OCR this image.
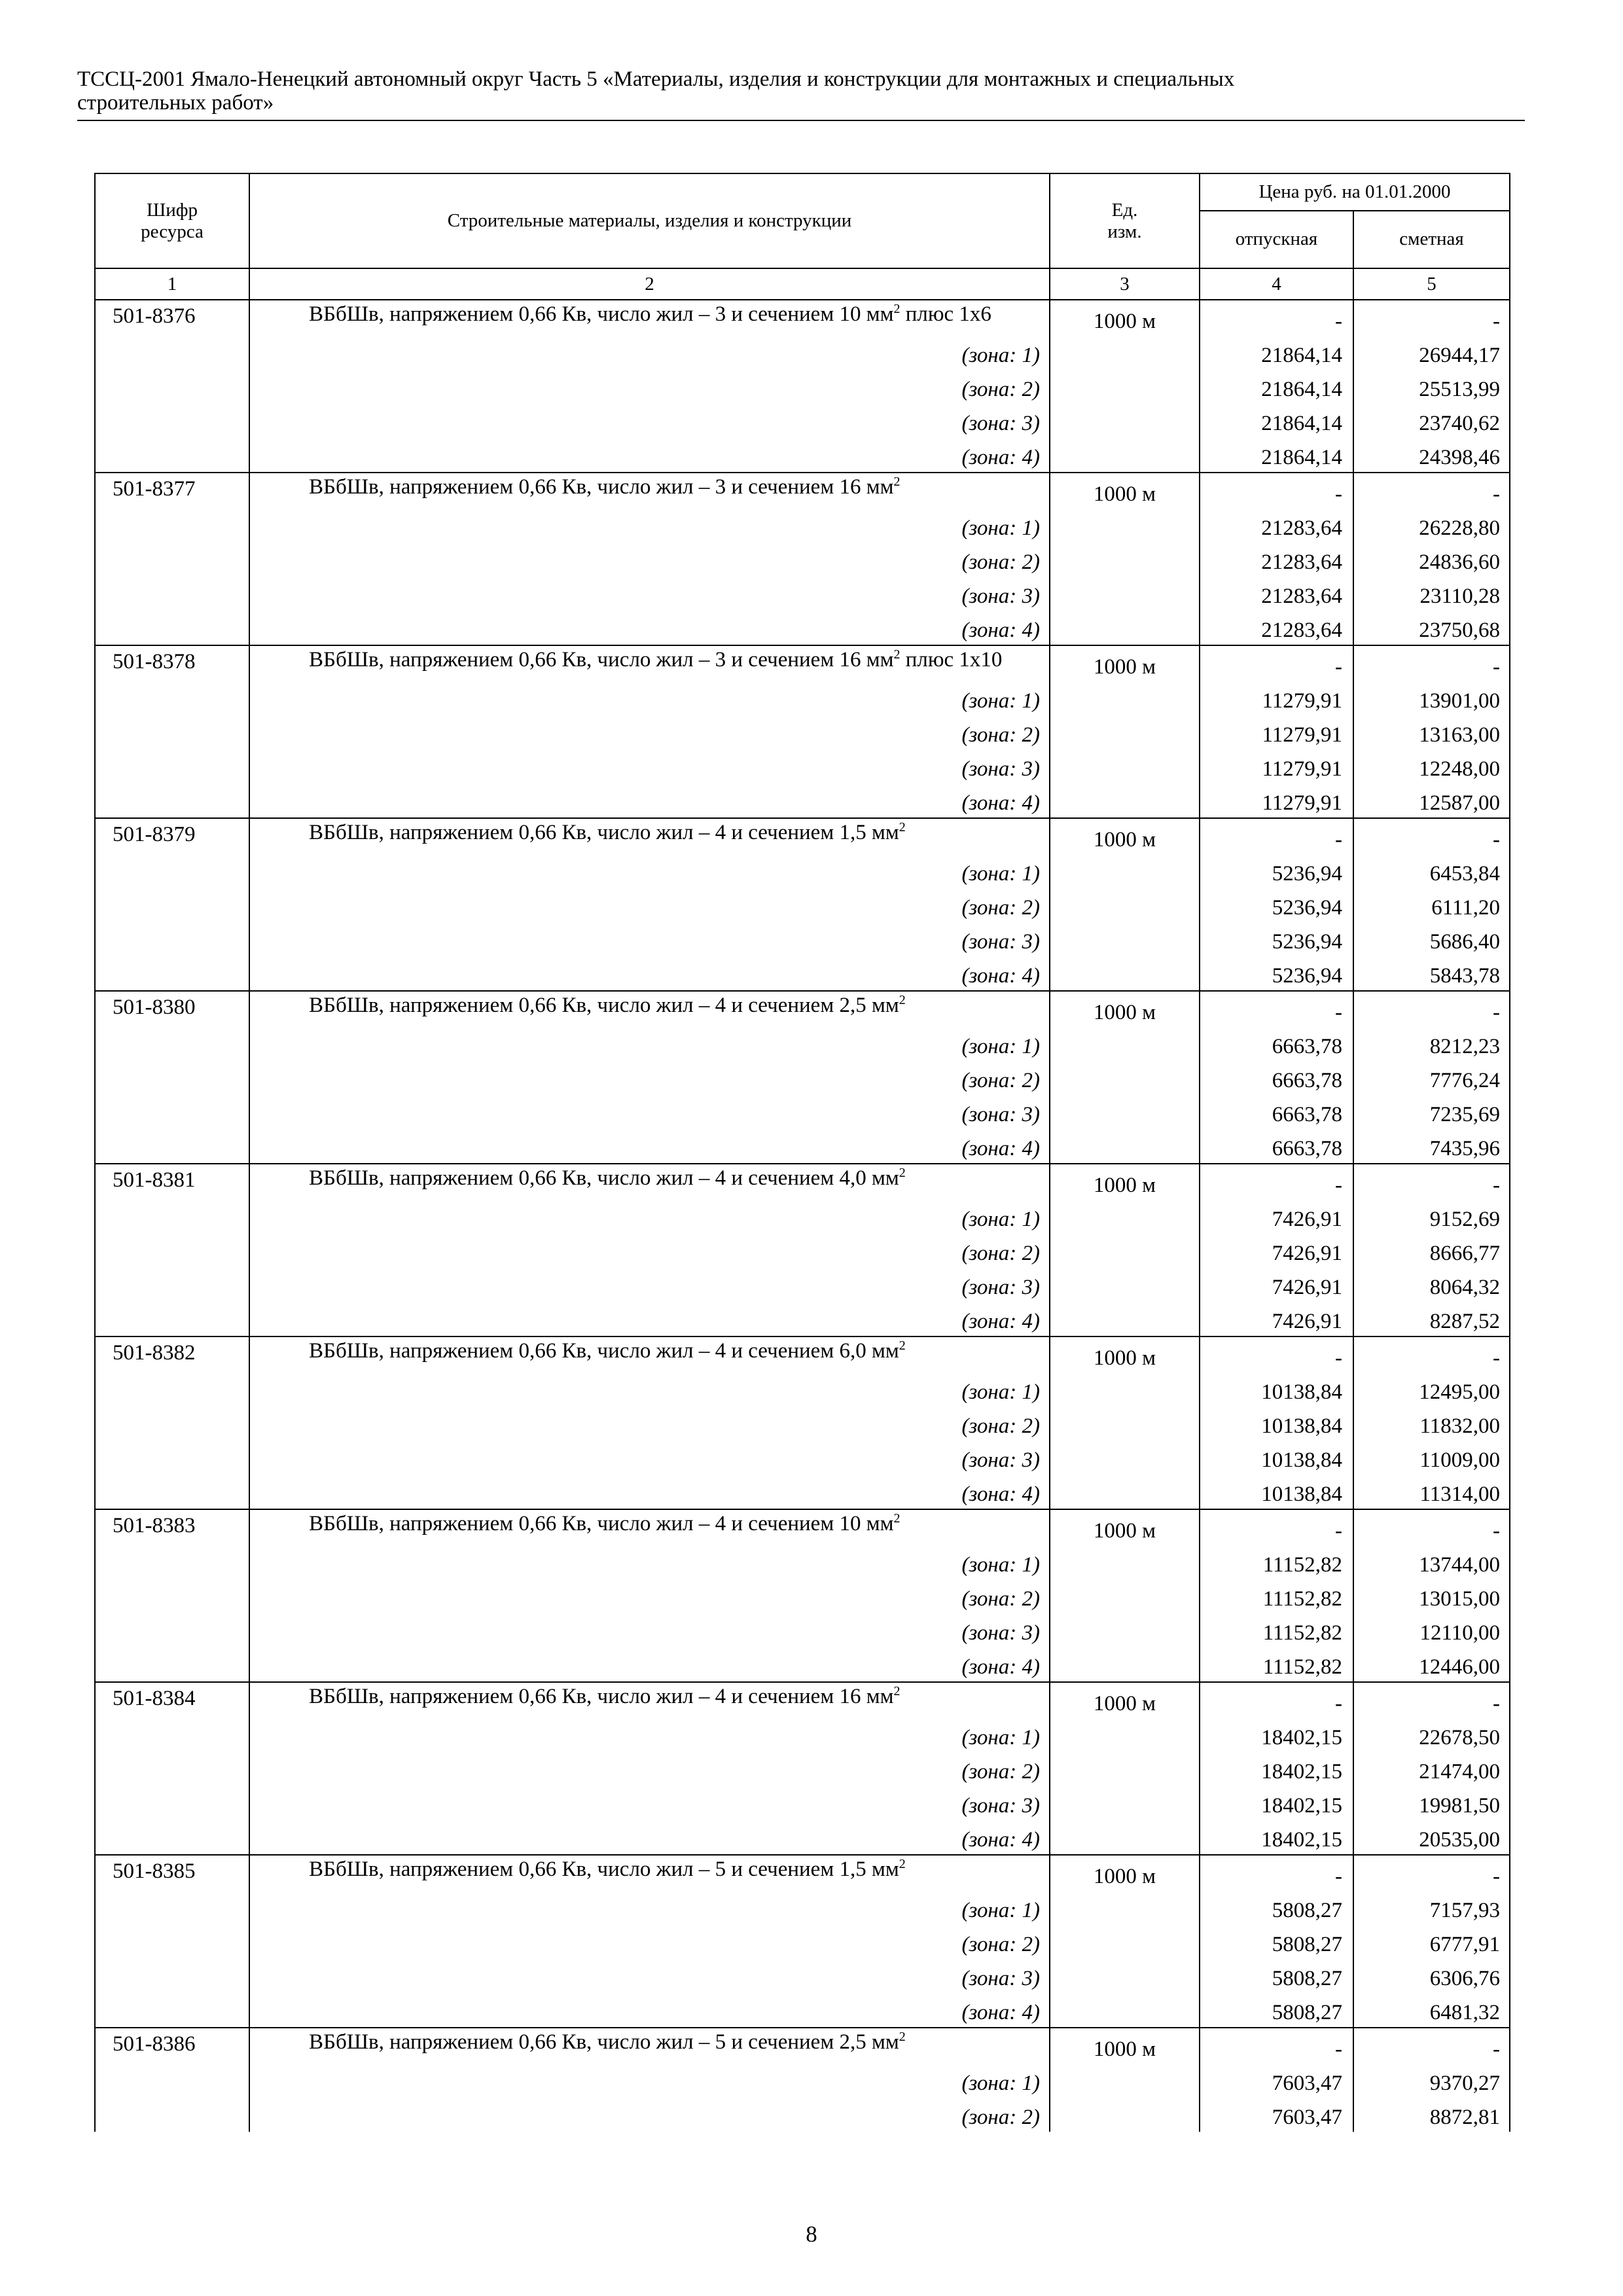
ТССЦ-2001 Ямало-Ненецкий автономный округ Часть 5 «Материалы, изделия и конструкции для монтажных и специальных
строительных работ»
Шифр ресурса	Строительные материалы, изделия и конструкции	Ед. изм.	Цена руб. на 01.01.2000	
			отпускная	сметная
1	2	3	4	5
501-8376	ВБбШв, напряжением 0,66 Кв, число жил – 3 и сечением 10 $мм^2$ плюс 1х6	1000 м	-	-

	(зона: 1)		21864,14	26944,17

	(зона: 2)		21864,14	25513,99

	(зона: 3)		21864,14	23740,62

	(зона: 4)		21864,14	24398,46
501-8377	ВБбШв, напряжением 0,66 Кв, число жил – 3 и сечением 16 $мм^2$	1000 м	-	-

	(зона: 1)		21283,64	26228,80

	(зона: 2)		21283,64	24836,60

	(зона: 3)		21283,64	23110,28

	(зона: 4)		21283,64	23750,68
501-8378	ВБбШв, напряжением 0,66 Кв, число жил – 3 и сечением 16 $мм^2$ плюс 1х10	1000 м	-	-

	(зона: 1)		11279,91	13901,00

	(зона: 2)		11279,91	13163,00

	(зона: 3)		11279,91	12248,00

	(зона: 4)		11279,91	12587,00
501-8379	ВБбШв, напряжением 0,66 Кв, число жил – 4 и сечением 1,5 $мм^2$	1000 м	-	-

	(зона: 1)		5236,94	6453,84

	(зона: 2)		5236,94	6111,20

	(зона: 3)		5236,94	5686,40

	(зона: 4)		5236,94	5843,78
501-8380	ВБбШв, напряжением 0,66 Кв, число жил – 4 и сечением 2,5 $мм^2$	1000 м	-	-

	(зона: 1)		6663,78	8212,23

	(зона: 2)		6663,78	7776,24

	(зона: 3)		6663,78	7235,69

	(зона: 4)		6663,78	7435,96
501-8381	ВБбШв, напряжением 0,66 Кв, число жил – 4 и сечением 4,0 $мм^2$	1000 м	-	-

	(зона: 1)		7426,91	9152,69

	(зона: 2)		7426,91	8666,77

	(зона: 3)		7426,91	8064,32

	(зона: 4)		7426,91	8287,52
501-8382	ВБбШв, напряжением 0,66 Кв, число жил – 4 и сечением 6,0 $мм^2$	1000 м	-	-

	(зона: 1)		10138,84	12495,00

	(зона: 2)		10138,84	11832,00

	(зона: 3)		10138,84	11009,00

	(зона: 4)		10138,84	11314,00
501-8383	ВБбШв, напряжением 0,66 Кв, число жил – 4 и сечением 10 $мм^2$	1000 м	-	-

	(зона: 1)		11152,82	13744,00

	(зона: 2)		11152,82	13015,00

	(зона: 3)		11152,82	12110,00

	(зона: 4)		11152,82	12446,00
501-8384	ВБбШв, напряжением 0,66 Кв, число жил – 4 и сечением 16 $мм^2$	1000 м	-	-

	(зона: 1)		18402,15	22678,50

	(зона: 2)		18402,15	21474,00

	(зона: 3)		18402,15	19981,50

	(зона: 4)		18402,15	20535,00
501-8385	ВБбШв, напряжением 0,66 Кв, число жил – 5 и сечением 1,5 $мм^2$	1000 м	-	-

	(зона: 1)		5808,27	7157,93

	(зона: 2)		5808,27	6777,91

	(зона: 3)		5808,27	6306,76

	(зона: 4)		5808,27	6481,32
501-8386	ВБбШв, напряжением 0,66 Кв, число жил – 5 и сечением 2,5 $мм^2$	1000 м	-	-

	(зона: 1)		7603,47	9370,27

	(зона: 2)		7603,47	8872,81
8
